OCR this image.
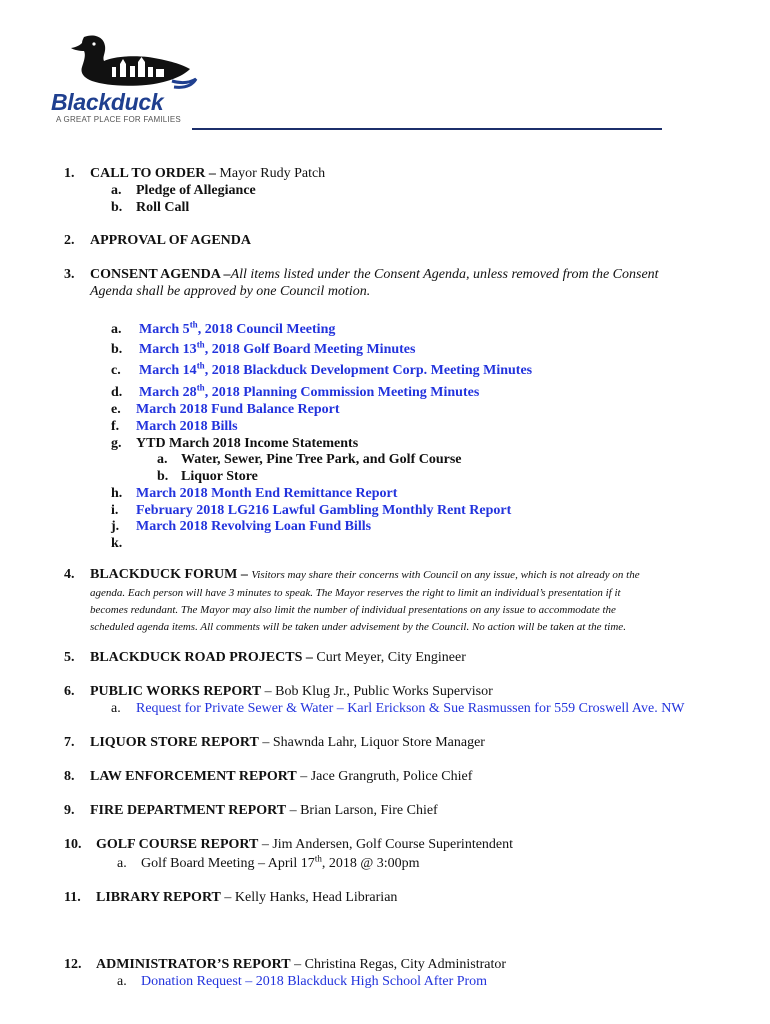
Blackduck
A GREAT PLACE FOR FAMILIES
1. CALL TO ORDER – Mayor Rudy Patch
a. Pledge of Allegiance
b. Roll Call
2. APPROVAL OF AGENDA
3. CONSENT AGENDA –All items listed under the Consent Agenda, unless removed from the Consent
Agenda shall be approved by one Council motion.
a. March 5th, 2018 Council Meeting
b. March 13th, 2018 Golf Board Meeting Minutes
c. March 14th, 2018 Blackduck Development Corp. Meeting Minutes
d. March 28th, 2018 Planning Commission Meeting Minutes
e. March 2018 Fund Balance Report
f. March 2018 Bills
g. YTD March 2018 Income Statements
a. Water, Sewer, Pine Tree Park, and Golf Course
b. Liquor Store
h. March 2018 Month End Remittance Report
i. February 2018 LG216 Lawful Gambling Monthly Rent Report
j. March 2018 Revolving Loan Fund Bills
k.
4. BLACKDUCK FORUM – Visitors may share their concerns with Council on any issue, which is not already on the
agenda. Each person will have 3 minutes to speak. The Mayor reserves the right to limit an individual’s presentation if it
becomes redundant. The Mayor may also limit the number of individual presentations on any issue to accommodate the
scheduled agenda items. All comments will be taken under advisement by the Council. No action will be taken at the time.
5. BLACKDUCK ROAD PROJECTS – Curt Meyer, City Engineer
6. PUBLIC WORKS REPORT – Bob Klug Jr., Public Works Supervisor
a. Request for Private Sewer & Water – Karl Erickson & Sue Rasmussen for 559 Croswell Ave. NW
7. LIQUOR STORE REPORT – Shawnda Lahr, Liquor Store Manager
8. LAW ENFORCEMENT REPORT – Jace Grangruth, Police Chief
9. FIRE DEPARTMENT REPORT – Brian Larson, Fire Chief
10. GOLF COURSE REPORT – Jim Andersen, Golf Course Superintendent
a. Golf Board Meeting – April 17th, 2018 @ 3:00pm
11. LIBRARY REPORT – Kelly Hanks, Head Librarian
12. ADMINISTRATOR’S REPORT – Christina Regas, City Administrator
a. Donation Request – 2018 Blackduck High School After Prom
